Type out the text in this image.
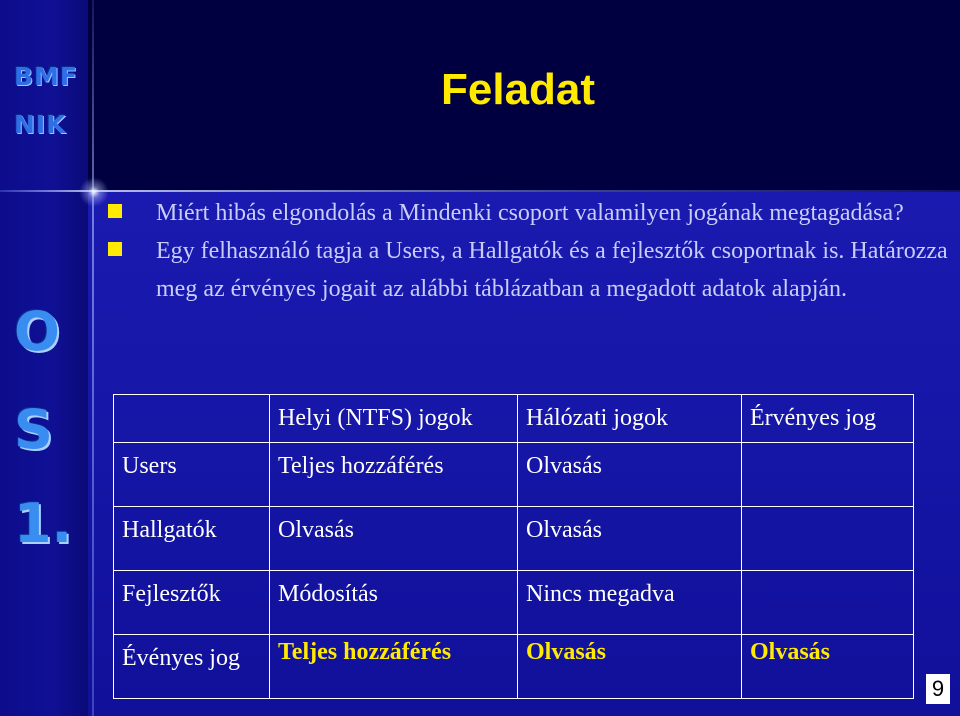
BMF
NIK
O
S
1.
Feladat
Miért hibás elgondolás a Mindenki csoport valamilyen jogának megtagadása?
Egy felhasználó tagja a Users, a Hallgatók és a fejlesztők csoportnak is. Határozza meg az érvényes jogait az alábbi táblázatban a megadott adatok alapján.
	Helyi (NTFS) jogok	Hálózati jogok	Érvényes jog
Users	Teljes hozzáférés	Olvasás	
Hallgatók	Olvasás	Olvasás	
Fejlesztők	Módosítás	Nincs megadva	
Évényes jog	Teljes hozzáférés	Olvasás	Olvasás
9
